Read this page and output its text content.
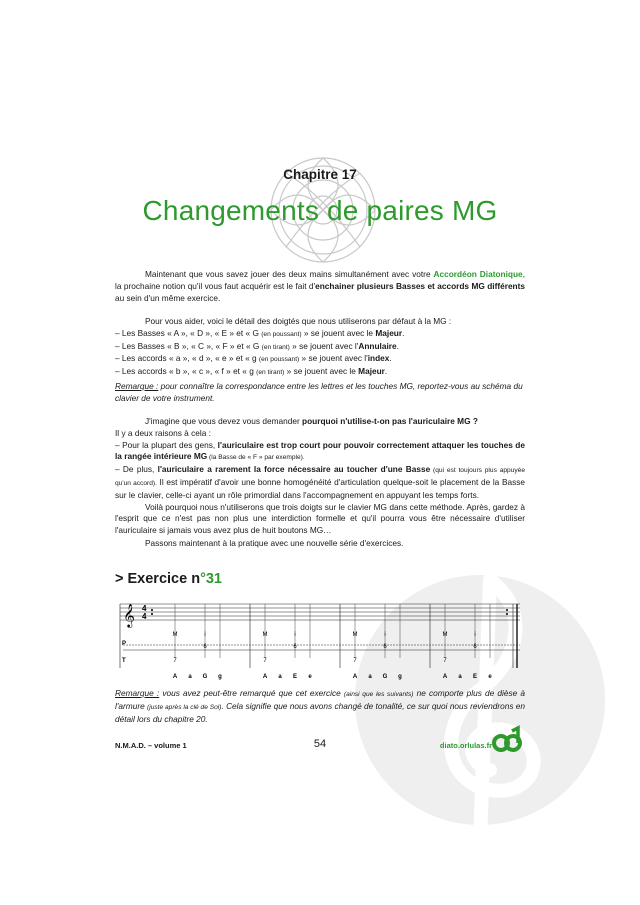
Chapitre 17
Changements de paires MG

Maintenant que vous savez jouer des deux mains simultanément avec votre Accordéon Diatonique, la prochaine notion qu'il vous faut acquérir est le fait d'enchainer plusieurs Basses et accords MG différents au sein d'un même exercice.

Pour vous aider, voici le détail des doigtés que nous utiliserons par défaut à la MG :

– Les Basses « A », « D », « E » et « G (en poussant) » se jouent avec le Majeur.

– Les Basses « B », « C », « F » et « G (en tirant) » se jouent avec l'Annulaire.

– Les accords « a », « d », « e » et « g (en poussant) » se jouent avec l'index.

– Les accords « b », « c », « f » et « g (en tirant) » se jouent avec le Majeur.

Remarque : pour connaître la correspondance entre les lettres et les touches MG, reportez-vous au schéma du clavier de votre instrument.

J'imagine que vous devez vous demander pourquoi n'utilise-t-on pas l'auriculaire MG ?

Il y a deux raisons à cela :

– Pour la plupart des gens, l'auriculaire est trop court pour pouvoir correctement attaquer les touches de la rangée intérieure MG (la Basse de « F » par exemple).

– De plus, l'auriculaire a rarement la force nécessaire au toucher d'une Basse (qui est toujours plus appuyée qu'un accord). Il est impératif d'avoir une bonne homogénéité d'articulation quelque-soit le placement de la Basse sur le clavier, celle-ci ayant un rôle primordial dans l'accompagnement en appuyant les temps forts.

Voilà pourquoi nous n'utiliserons que trois doigts sur le clavier MG dans cette méthode. Après, gardez à l'esprit que ce n'est pas non plus une interdiction formelle et qu'il pourra vous être nécessaire d'utiliser l'auriculaire si jamais vous avez plus de huit boutons MG…

Passons maintenant à la pratique avec une nouvelle série d'exercices.

> Exercice n°31
𝄞 4
4
P
T
M	i	M	i	M	i	M	i
6	6	6	6
7	7	7	7
A a G g	A a E e	A a G g	A a E e

Remarque : vous avez peut-être remarqué que cet exercice (ainsi que les suivants) ne comporte plus de dièse à l'armure (juste après la clé de Sol). Cela signifie que nous avons changé de tonalité, ce sur quoi nous reviendrons en détail lors du chapitre 20.

N.M.A.D. – volume 1	54	diato.orlulas.fr
